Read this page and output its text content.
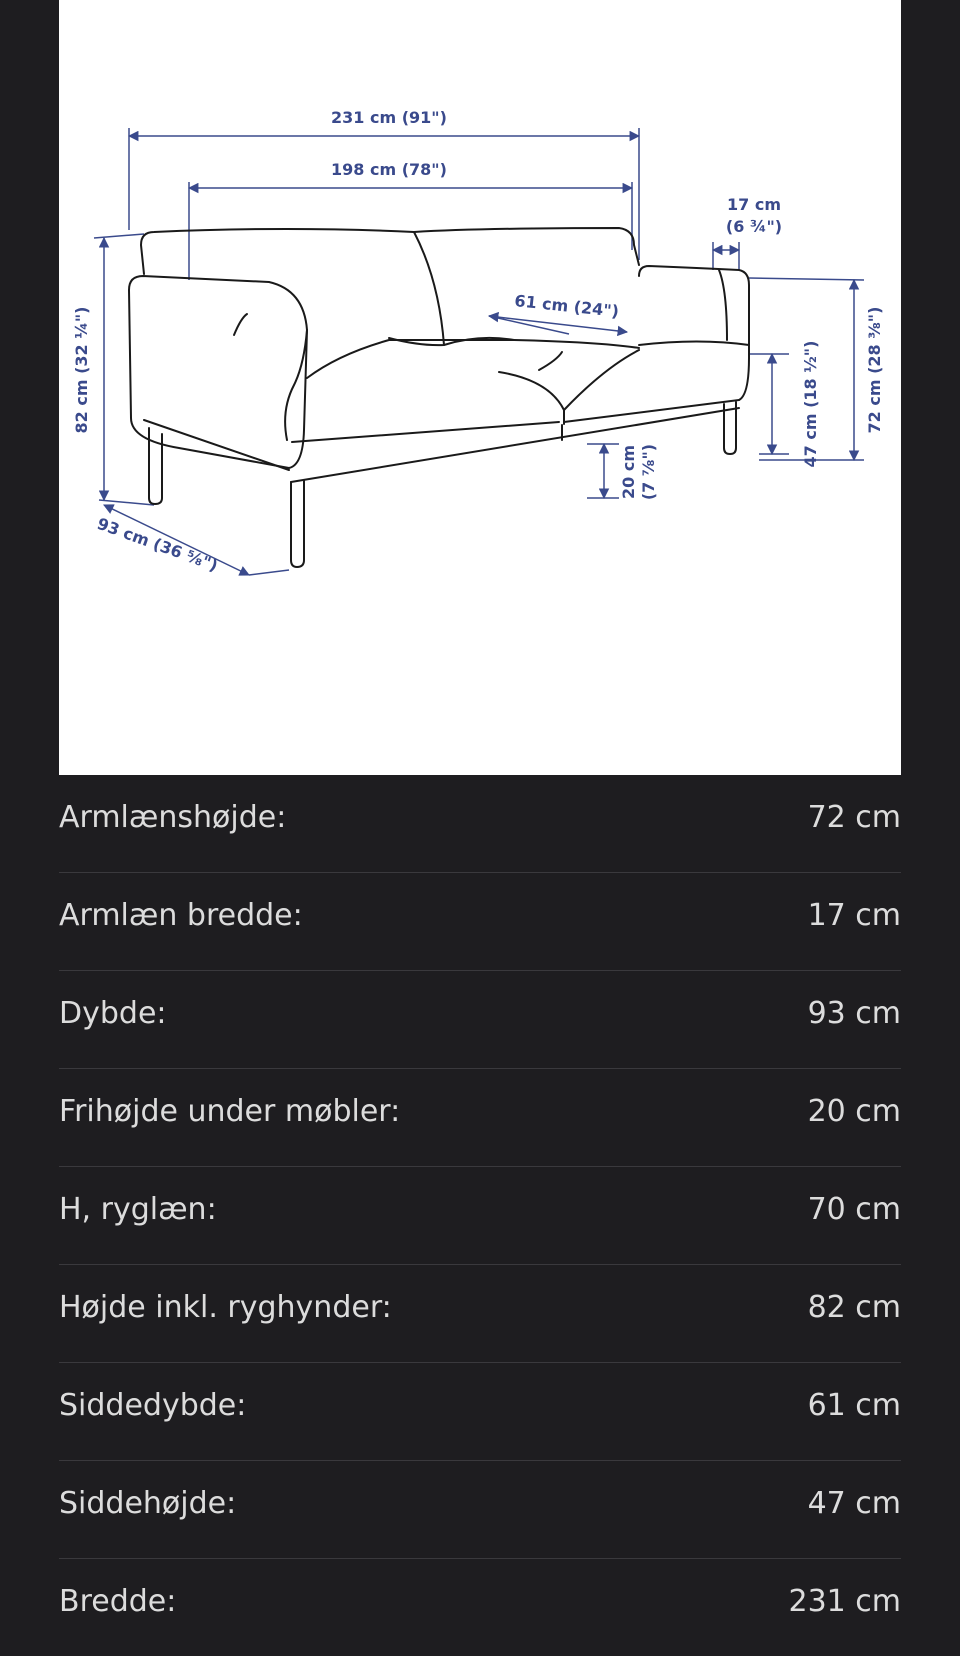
231 cm (91")
198 cm (78")
17 cm
(6 ¾")
61 cm (24")
82 cm (32 ¼")
93 cm (36 ⅝")
20 cm (7 ⅞")
47 cm (18 ½")	72 cm (28 ⅜")
Armlænshøjde:	72 cm
Armlæn bredde:	17 cm
Dybde:	93 cm
Frihøjde under møbler:	20 cm
H, ryglæn:	70 cm
Højde inkl. ryghynder:	82 cm
Siddedybde:	61 cm
Siddehøjde:	47 cm
Bredde:	231 cm
